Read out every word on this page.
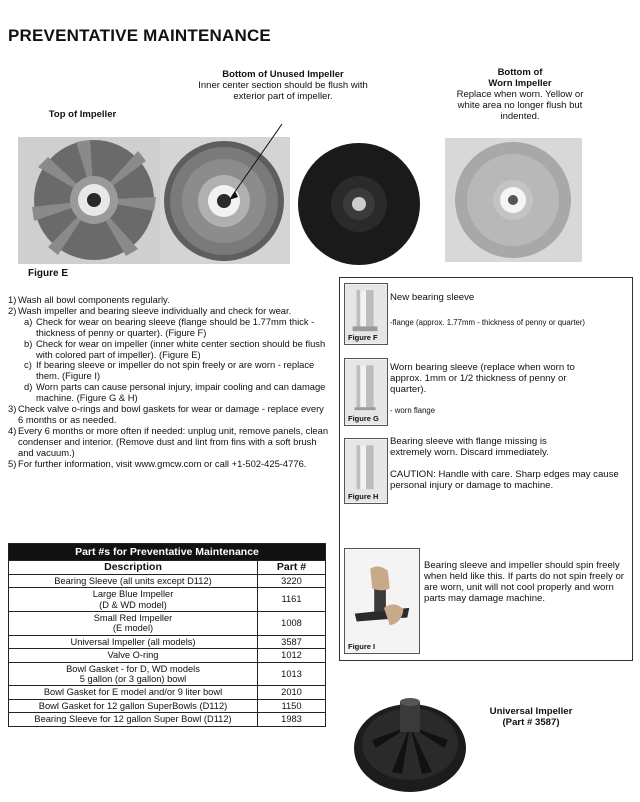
PREVENTATIVE MAINTENANCE
Top of Impeller
Bottom of Unused Impeller
Inner center section should be flush with exterior part of impeller.
Bottom of
Worn Impeller
Replace when worn. Yellow or white area no longer flush but indented.
Figure E
1) Wash all bowl components regularly.
2) Wash impeller and bearing sleeve individually and check for wear.
a) Check for wear on bearing sleeve (flange should be 1.77mm thick - thickness of penny or quarter). (Figure F)
b) Check for wear on impeller (inner white center section should be flush with colored part of impeller). (Figure E)
c) If bearing sleeve or impeller do not spin freely or are worn - replace them. (Figure I)
d) Worn parts can cause personal injury, impair cooling and can damage machine. (Figure G & H)
3) Check valve o-rings and bowl gaskets for wear or damage - replace every 6 months or as needed.
4) Every 6 months or more often if needed: unplug unit, remove panels, clean condenser and interior. (Remove dust and lint from fins with a soft brush and vacuum.)
5) For further information, visit www.gmcw.com or call +1-502-425-4776.
Part #s for Preventative Maintenance	
Description	Part #
Bearing Sleeve (all units except D112)	3220
Large Blue Impeller
(D & WD model)	1161
Small Red Impeller
(E model)	1008
Universal Impeller (all models)	3587
Valve O-ring	1012
Bowl Gasket - for D, WD models
5 gallon (or 3 gallon) bowl	1013
Bowl Gasket for E model and/or 9 liter bowl	2010
Bowl Gasket for 12 gallon SuperBowls (D112)	1150
Bearing Sleeve for 12 gallon Super Bowl (D112)	1983
Figure F
New bearing sleeve
-flange (approx. 1.77mm - thickness of penny or quarter)
Figure G
Worn bearing sleeve (replace when worn to approx. 1mm or 1/2 thickness of penny or quarter).
- worn flange
Figure H
Bearing sleeve with flange missing is extremely worn. Discard immediately.
CAUTION: Handle with care. Sharp edges may cause personal injury or damage to machine.
Figure I
Bearing sleeve and impeller should spin freely when held like this. If parts do not spin freely or are worn, unit will not cool properly and worn parts may damage machine.
Universal Impeller
(Part # 3587)
